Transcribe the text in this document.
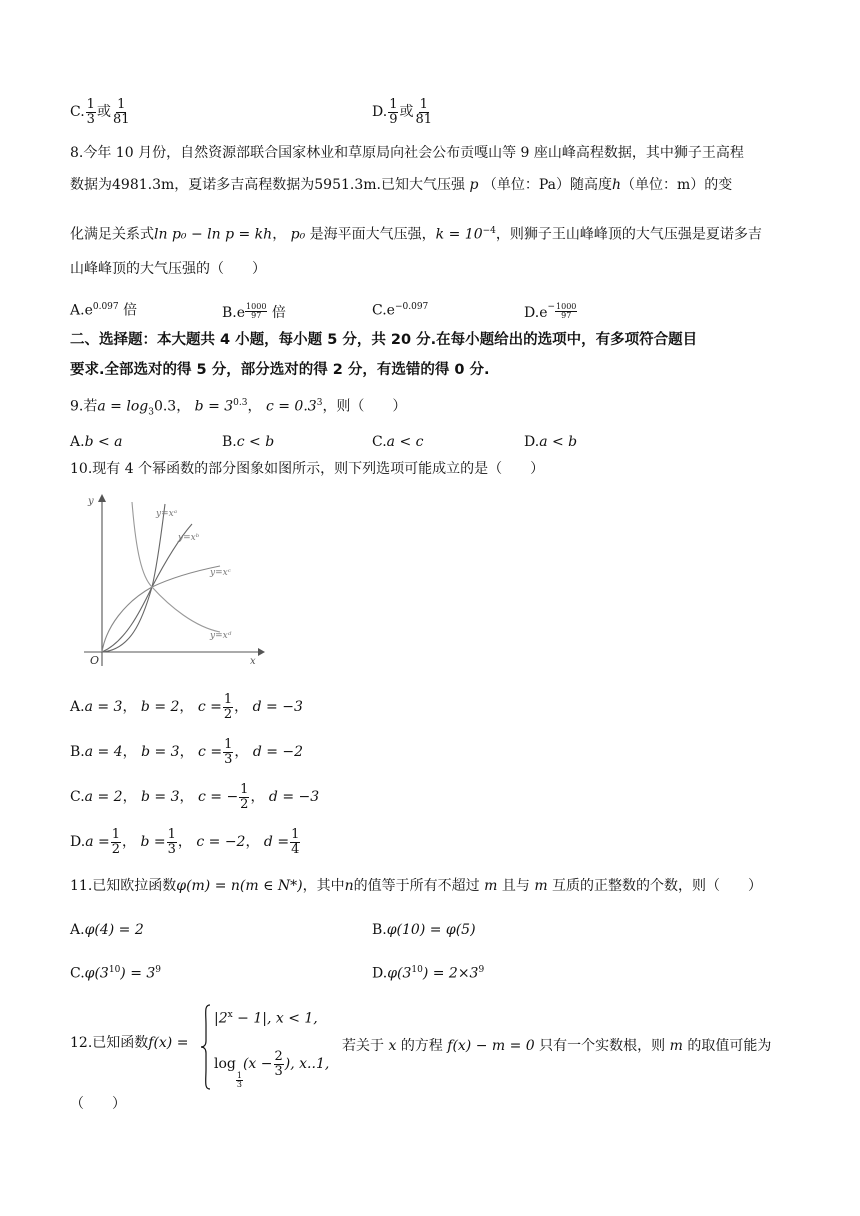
C. $\frac{1}{3}$ 或 $\frac{1}{81}$	D. $\frac{1}{9}$ 或 $\frac{1}{81}$
8.今年 10 月份，自然资源部联合国家林业和草原局向社会公布贡嘎山等 9 座山峰高程数据，其中狮子王高程
数据为4981.3m，夏诺多吉高程数据为5951.3m.已知大气压强 p （单位：Pa）随高度h（单位：m）的变
化满足关系式ln p₀ − ln p = kh， p₀ 是海平面大气压强，$k = 10^{-4}$，则狮子王山峰峰顶的大气压强是夏诺多吉
山峰峰顶的大气压强的（　　）
$A.e^{0.097}$ 倍	$B.e \frac{1000}{97}$ 倍	$C.e^{-0.097}$	$D.e^- \frac{1000}{97}$
二、选择题：本大题共 4 小题，每小题 5 分，共 20 分.在每小题给出的选项中，有多项符合题目
要求.全部选对的得 5 分，部分选对的得 2 分，有选错的得 0 分.
9.若$a = \log_30.3$， $b = 3^{0.3}$， $c = 0.3^3$，则（　　）
A.b < a	B.c < b	C.a < c	D.a < b
10.现有 4 个幂函数的部分图象如图所示，则下列选项可能成立的是（　　）
y
x
O
y=xᵃ
y=xᵇ
y=xᶜ
y=xᵈ
A.a = 3， b = 2， $c = \frac{1}{2}$ ， d = −3
B.a = 4， b = 3， $c = \frac{1}{3}$ ， d = −2
C.a = 2， b = 3， c = − $\frac{1}{2}$ ， d = −3
$D.a = \frac{1}{2}$ ， $b = \frac{1}{3}$ ， c = −2， $d = \frac{1}{4}$
11.已知欧拉函数φ(m) = n(m ∈ N*)，其中n的值等于所有不超过 m 且与 m 互质的正整数的个数，则（　　）
A.φ(4) = 2	B.φ(10) = φ(5)
$C.\varphi(3^{10}) = 3^9$	$D.\varphi(3^{10}) = 2\times 3^9$
12.已知函数f(x) =
$|2^x - 1|$, x < 1,
log
$\frac{1}{3}$
($x - \frac{2}{3}$ ), x..1,
若关于 x 的方程 f(x) − m = 0 只有一个实数根，则 m 的取值可能为
（　　）
